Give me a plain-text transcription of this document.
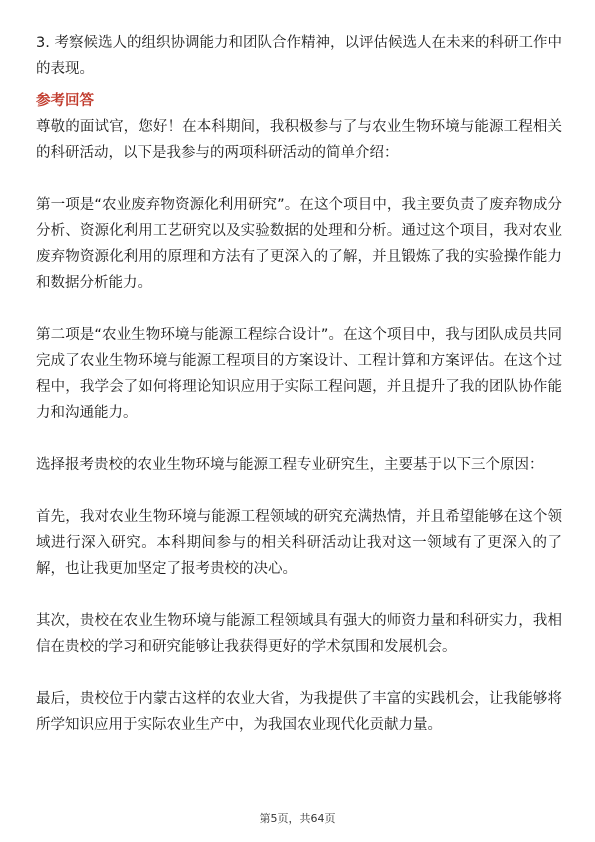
3. 考察候选人的组织协调能力和团队合作精神，以评估候选人在未来的科研工作中的表现。

参考回答

尊敬的面试官，您好！在本科期间，我积极参与了与农业生物环境与能源工程相关的科研活动，以下是我参与的两项科研活动的简单介绍：

第一项是“农业废弃物资源化利用研究”。在这个项目中，我主要负责了废弃物成分分析、资源化利用工艺研究以及实验数据的处理和分析。通过这个项目，我对农业废弃物资源化利用的原理和方法有了更深入的了解，并且锻炼了我的实验操作能力和数据分析能力。

第二项是“农业生物环境与能源工程综合设计”。在这个项目中，我与团队成员共同完成了农业生物环境与能源工程项目的方案设计、工程计算和方案评估。在这个过程中，我学会了如何将理论知识应用于实际工程问题，并且提升了我的团队协作能力和沟通能力。

选择报考贵校的农业生物环境与能源工程专业研究生，主要基于以下三个原因：

首先，我对农业生物环境与能源工程领域的研究充满热情，并且希望能够在这个领域进行深入研究。本科期间参与的相关科研活动让我对这一领域有了更深入的了解，也让我更加坚定了报考贵校的决心。

其次，贵校在农业生物环境与能源工程领域具有强大的师资力量和科研实力，我相信在贵校的学习和研究能够让我获得更好的学术氛围和发展机会。

最后，贵校位于内蒙古这样的农业大省，为我提供了丰富的实践机会，让我能够将所学知识应用于实际农业生产中，为我国农业现代化贡献力量。

第5页，共64页
